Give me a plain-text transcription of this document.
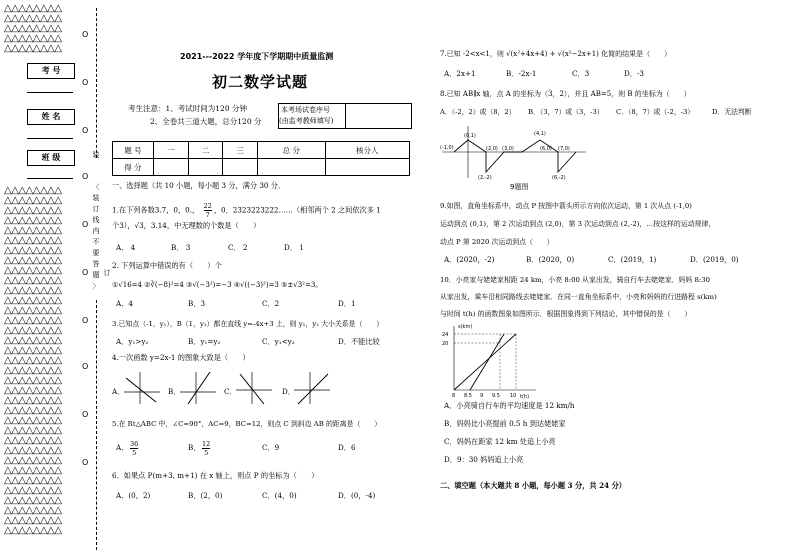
△△△△△△△△
△△△△△△△△
△△△△△△△△
△△△△△△△△
△△△△△△△△
考 号
姓 名
班 级
△△△△△△△△
△△△△△△△△
△△△△△△△△
△△△△△△△△
△△△△△△△△
△△△△△△△△
△△△△△△△△
△△△△△△△△
△△△△△△△△
△△△△△△△△
△△△△△△△△
△△△△△△△△
△△△△△△△△
△△△△△△△△
△△△△△△△△
△△△△△△△△
△△△△△△△△
△△△△△△△△
△△△△△△△△
△△△△△△△△
△△△△△△△△
△△△△△△△△
△△△△△△△△
△△△△△△△△
△△△△△△△△
△△△△△△△△
△△△△△△△△
△△△△△△△△
△△△△△△△△
△△△△△△△△
△△△△△△△△
△△△△△△△△
△△△△△△△△
△△△△△△△△
△△△△△△△△
O
O
O
O
O
O
O
O
O
O
装
〈
装
订
线
内
不
要
答
题
〉
订
2021---2022 学年度下学期期中质量监测
初二数学试题
考生注意：1、考试时间为120 分钟
2、全卷共三道大题，总分120 分
本考场试卷序号
(由监考教师填写)
题 号	一	二	三	总 分	核分人
得 分					
一、选择题（共 10 小题，每小题 3 分，满分 30 分．
1.在下列各数3.7，0，0.， $\frac{22}{7}$ ，0．2323223222……（相邻两个 2 之间依次多 1
个3），√3，3.14，中无理数的个数是（　　）
A． 4	B． 3	C． 2	D． 1
2. 下列运算中错误的有（　　）个
①√16=4 ②∛(−8)²=4 ③√(−3²)=−3 ④√((−3)²)=3 ⑤±√3²=3。
A．4	B．3	C．2	D．1
3.已知点（-1，y₁），B（1，y₂）都在直线 y=-4x+3 上，则 y₁，y₂ 大小关系是（　　）
A．y₁>y₂	B．y₁=y₂	C．y₁<y₂	D．不能比较
4.一次函数 y=2x-1 的图象大致是（　　）
A．	B．	C．	D．
5.在 Rt△ABC 中，∠C=90°，AC=9，BC=12，则点 C 到斜边 AB 的距离是（　　）
A． 36
5
B． 12
5
C．9	D．6
6．如果点 P(m+3, m+1) 在 x 轴上，则点 P 的坐标为（　　）
A．(0，2)	B．(2，0)	C．(4，0)	D．(0，-4)
7.已知 -2<x<1，则 √(x²+4x+4) + √(x²−2x+1) 化简的结果是（　　）
A．2x+1	B．-2x-1	C．3	D．-3
8.已知 AB∥x 轴，点 A 的坐标为（3，2），并且 AB=5，则 B 的坐标为（　　）
A．（-2，2）或（8，2） B．（3，7）或（3，-3） C．（8，7）或（-2，-3）	D．无法判断
(0,1)	(4,1)
(-1,0)	(2,0) (3,0)	(6,0) (7,0)
(2,-2)	(6,-2)
9题图
9.如图，直角坐标系中，动点 P 按图中箭头所示方向依次运动，第 1 次从点 (-1,0)
运动到点 (0,1)，第 2 次运动到点 (2,0)，第 3 次运动到点 (2,-2)，…按这样的运动规律，
动点 P 第 2020 次运动到点（　　）
A．(2020，-2)	B．(2020，0)	C．(2019，1)	D．(2019，0)
10．小亮家与姥姥家相距 24 km，小亮 8:00 从家出发，骑自行车去姥姥家．妈妈 8:30
从家出发，乘车沿相同路线去姥姥家．在同一直角坐标系中，小亮和妈妈的行进路程 s(km)
与时间 t(h) 的函数图象如图所示．根据图象得到下列结论，其中错误的是（　　）
s(km)
t(h)
24
20
8 8.5 9 9.5 10
A．小亮骑自行车的平均速度是 12 km/h
B．妈妈比小亮提前 0.5 h 到达姥姥家
C．妈妈在距家 12 km 处追上小亮
D．9：30 妈妈追上小亮
二、填空题（本大题共 8 小题，每小题 3 分，共 24 分）
